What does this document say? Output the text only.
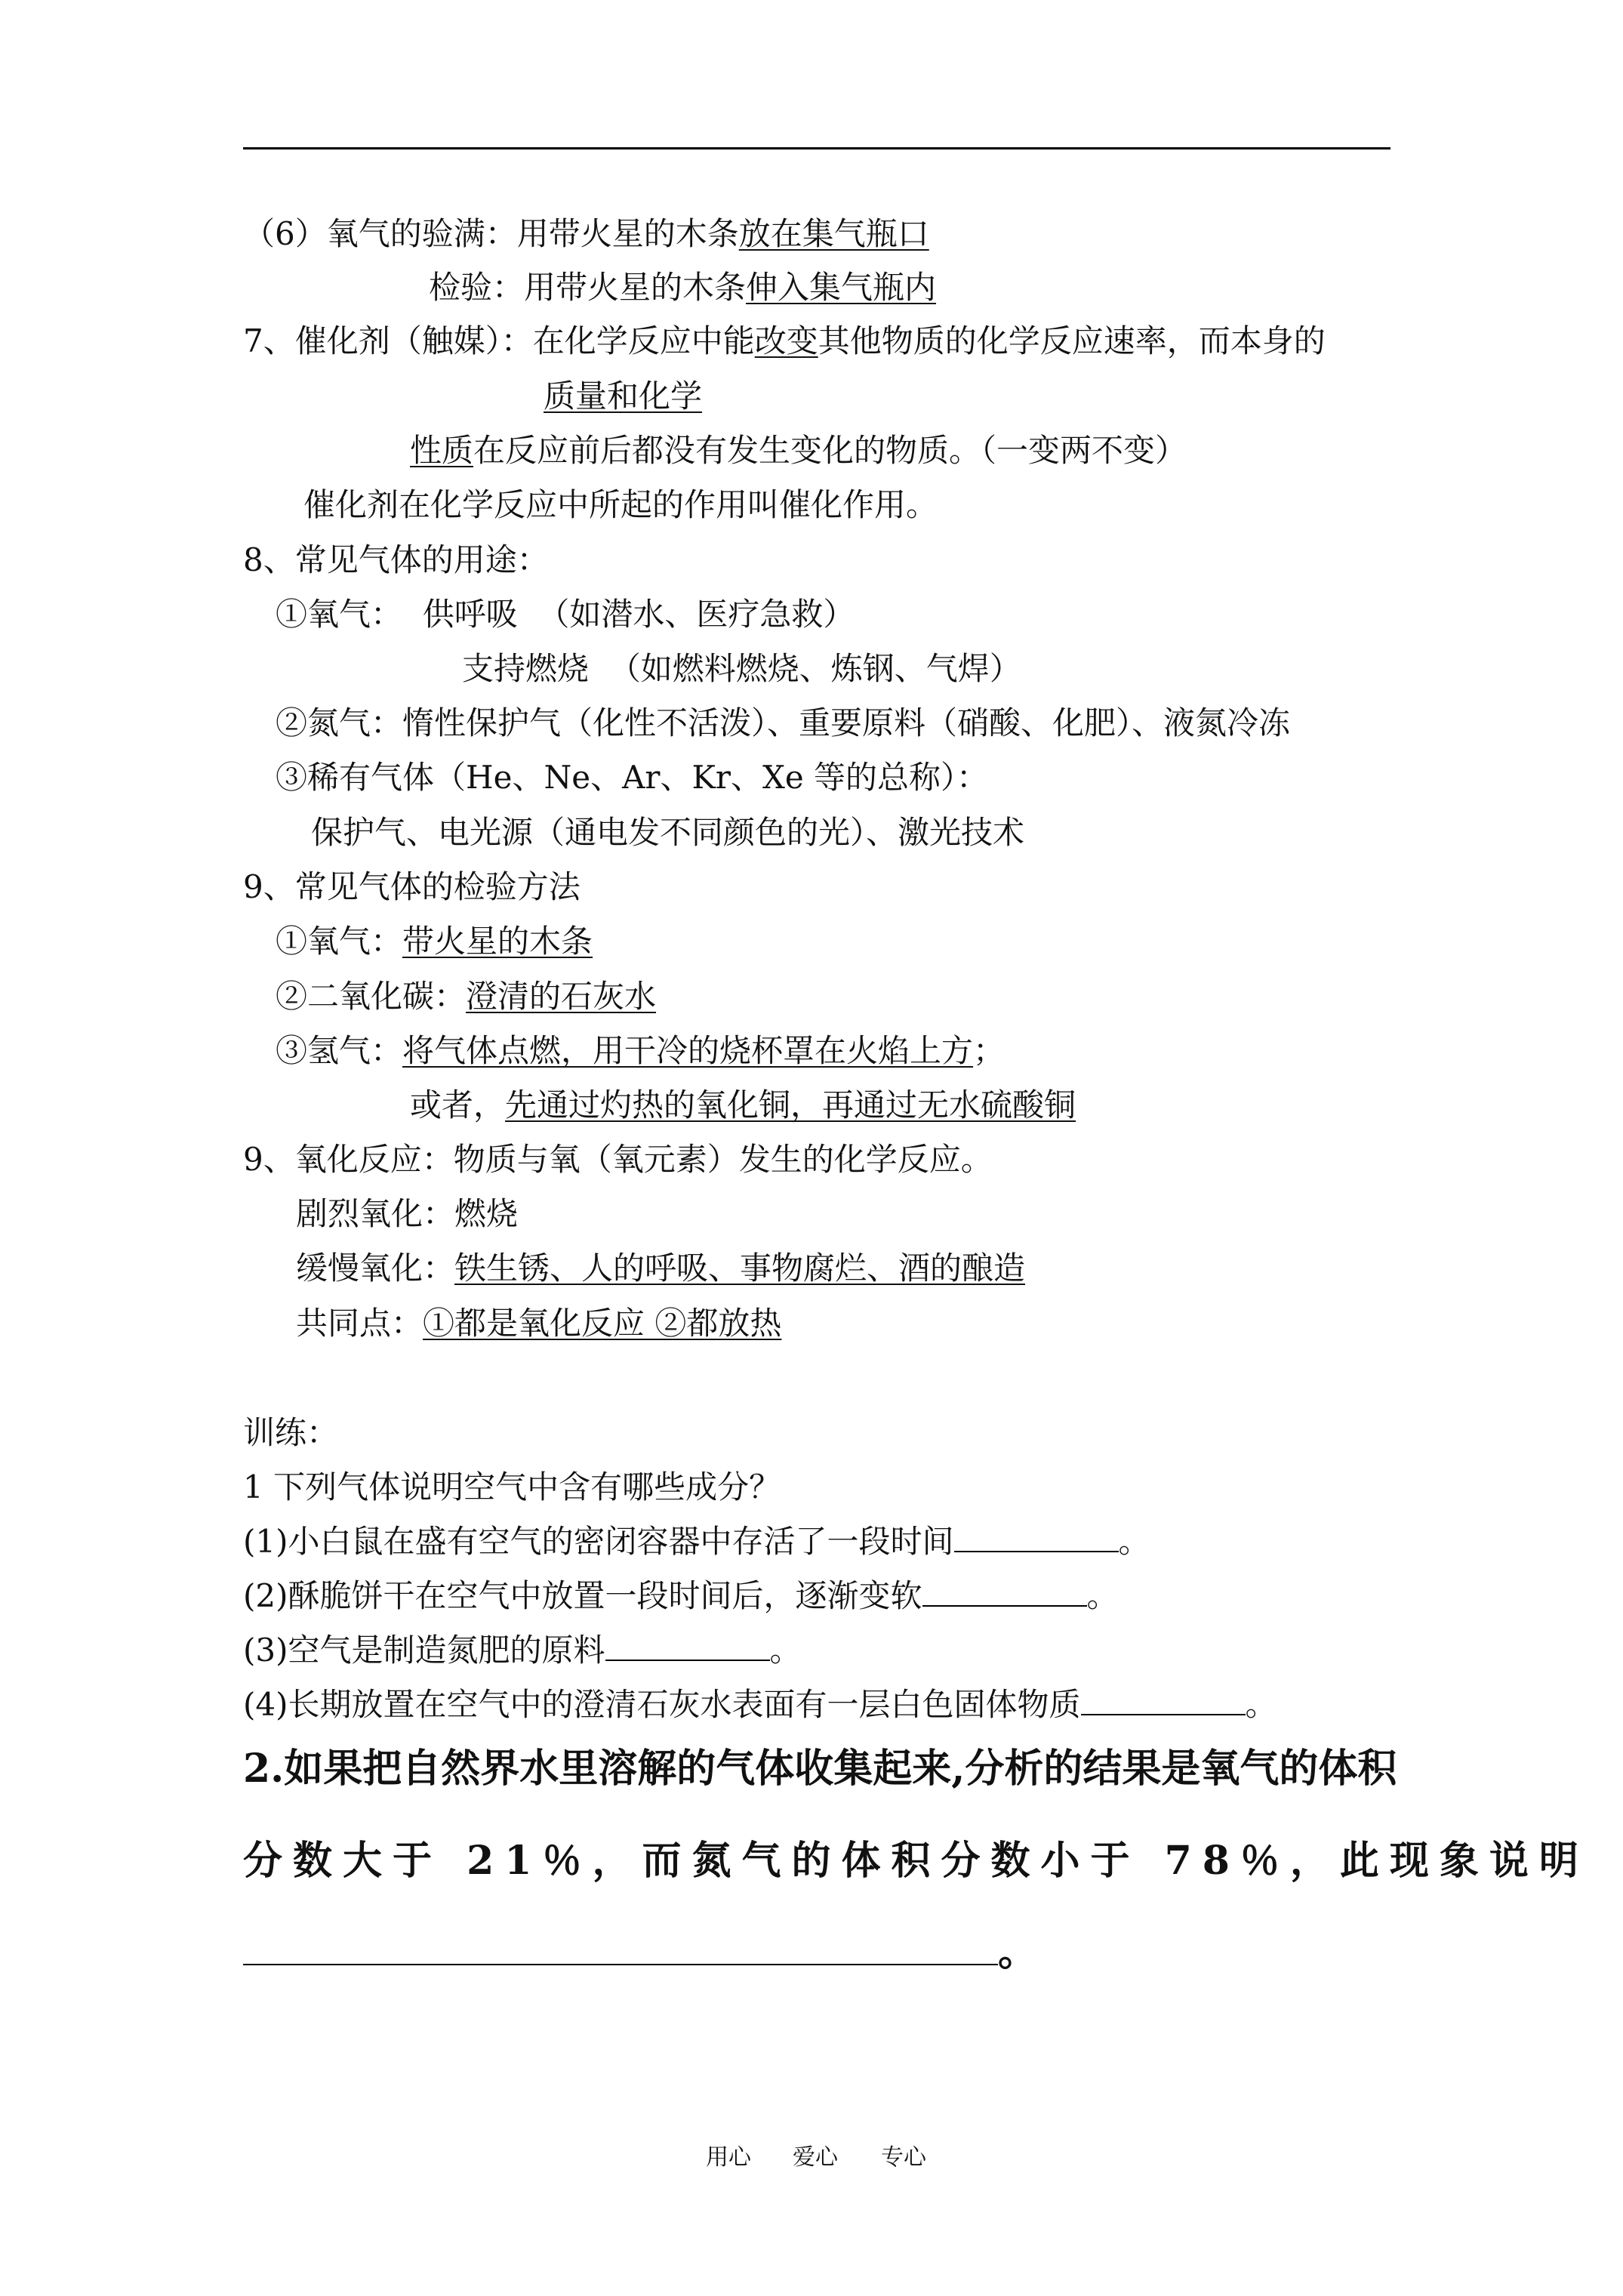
（6）氧气的验满：用带火星的木条放在集气瓶口
检验：用带火星的木条伸入集气瓶内
7、催化剂（触媒）：在化学反应中能改变其他物质的化学反应速率，而本身的
质量和化学
性质在反应前后都没有发生变化的物质。（一变两不变）
催化剂在化学反应中所起的作用叫催化作用。
8、常见气体的用途：
①氧气：  供呼吸  （如潜水、医疗急救）
支持燃烧  （如燃料燃烧、炼钢、气焊）
②氮气：惰性保护气（化性不活泼）、重要原料（硝酸、化肥）、液氮冷冻
③稀有气体（He、Ne、Ar、Kr、Xe 等的总称）：
保护气、电光源（通电发不同颜色的光）、激光技术
9、常见气体的检验方法
①氧气：带火星的木条
②二氧化碳：澄清的石灰水
③氢气：将气体点燃，用干冷的烧杯罩在火焰上方；
或者，先通过灼热的氧化铜，再通过无水硫酸铜
9、氧化反应：物质与氧（氧元素）发生的化学反应。
剧烈氧化：燃烧
缓慢氧化：铁生锈、人的呼吸、事物腐烂、酒的酿造
共同点：①都是氧化反应 ②都放热
训练：
1 下列气体说明空气中含有哪些成分？
(1)小白鼠在盛有空气的密闭容器中存活了一段时间	。
(2)酥脆饼干在空气中放置一段时间后，逐渐变软	。
(3)空气是制造氮肥的原料	。
(4)长期放置在空气中的澄清石灰水表面有一层白色固体物质	。
2.如果把自然界水里溶解的气体收集起来,分析的结果是氧气的体积
分数大于 21％，而氮气的体积分数小于 78％，此现象说明
。
用心 爱心 专心
